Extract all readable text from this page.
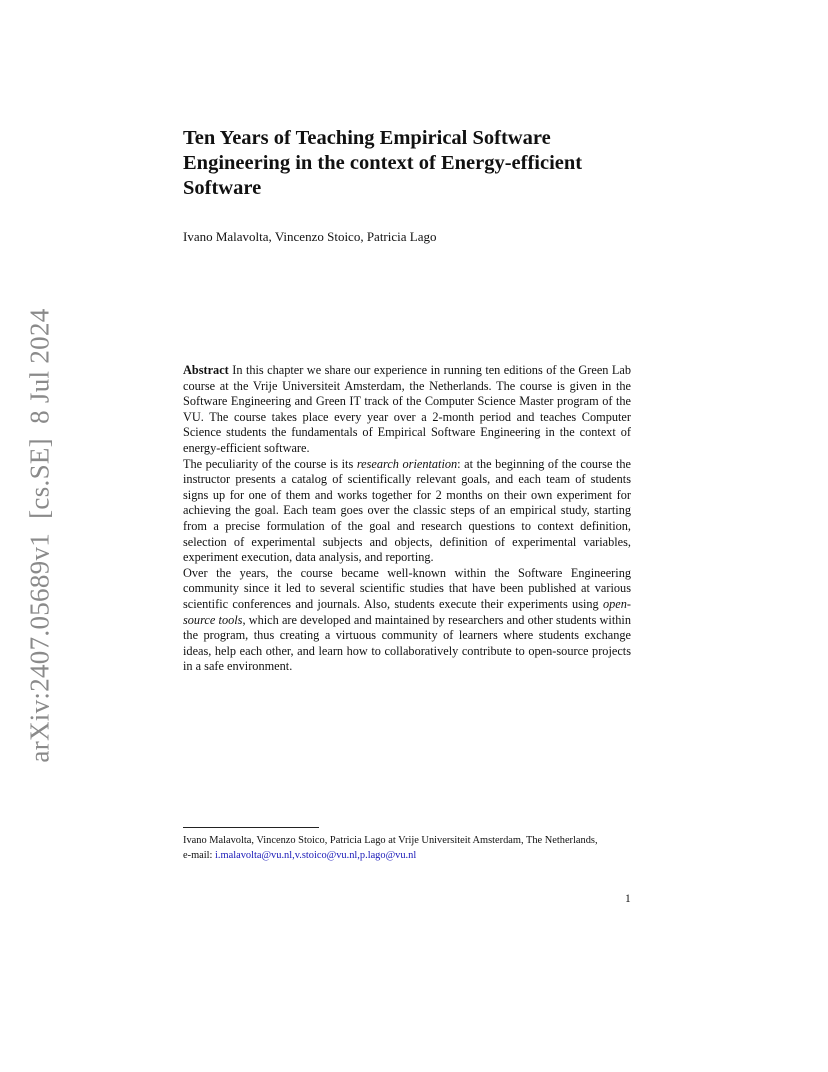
arXiv:2407.05689v1  [cs.SE]  8 Jul 2024
Ten Years of Teaching Empirical Software
Engineering in the context of Energy-efficient
Software
Ivano Malavolta, Vincenzo Stoico, Patricia Lago

Abstract In this chapter we share our experience in running ten editions of the Green Lab course at the Vrije Universiteit Amsterdam, the Netherlands. The course is given in the Software Engineering and Green IT track of the Computer Science Master program of the VU. The course takes place every year over a 2-month period and teaches Computer Science students the fundamentals of Empirical Software Engineering in the context of energy-efficient software.

The peculiarity of the course is its research orientation: at the beginning of the course the instructor presents a catalog of scientifically relevant goals, and each team of students signs up for one of them and works together for 2 months on their own experiment for achieving the goal. Each team goes over the classic steps of an empirical study, starting from a precise formulation of the goal and research questions to context definition, selection of experimental subjects and objects, definition of experimental variables, experiment execution, data analysis, and reporting.

Over the years, the course became well-known within the Software Engineering community since it led to several scientific studies that have been published at various scientific conferences and journals. Also, students execute their experiments using open-source tools, which are developed and maintained by researchers and other students within the program, thus creating a virtuous community of learners where students exchange ideas, help each other, and learn how to collaboratively contribute to open-source projects in a safe environment.

Ivano Malavolta, Vincenzo Stoico, Patricia Lago at Vrije Universiteit Amsterdam, The Netherlands,
e-mail: i.malavolta@vu.nl,v.stoico@vu.nl,p.lago@vu.nl
1
